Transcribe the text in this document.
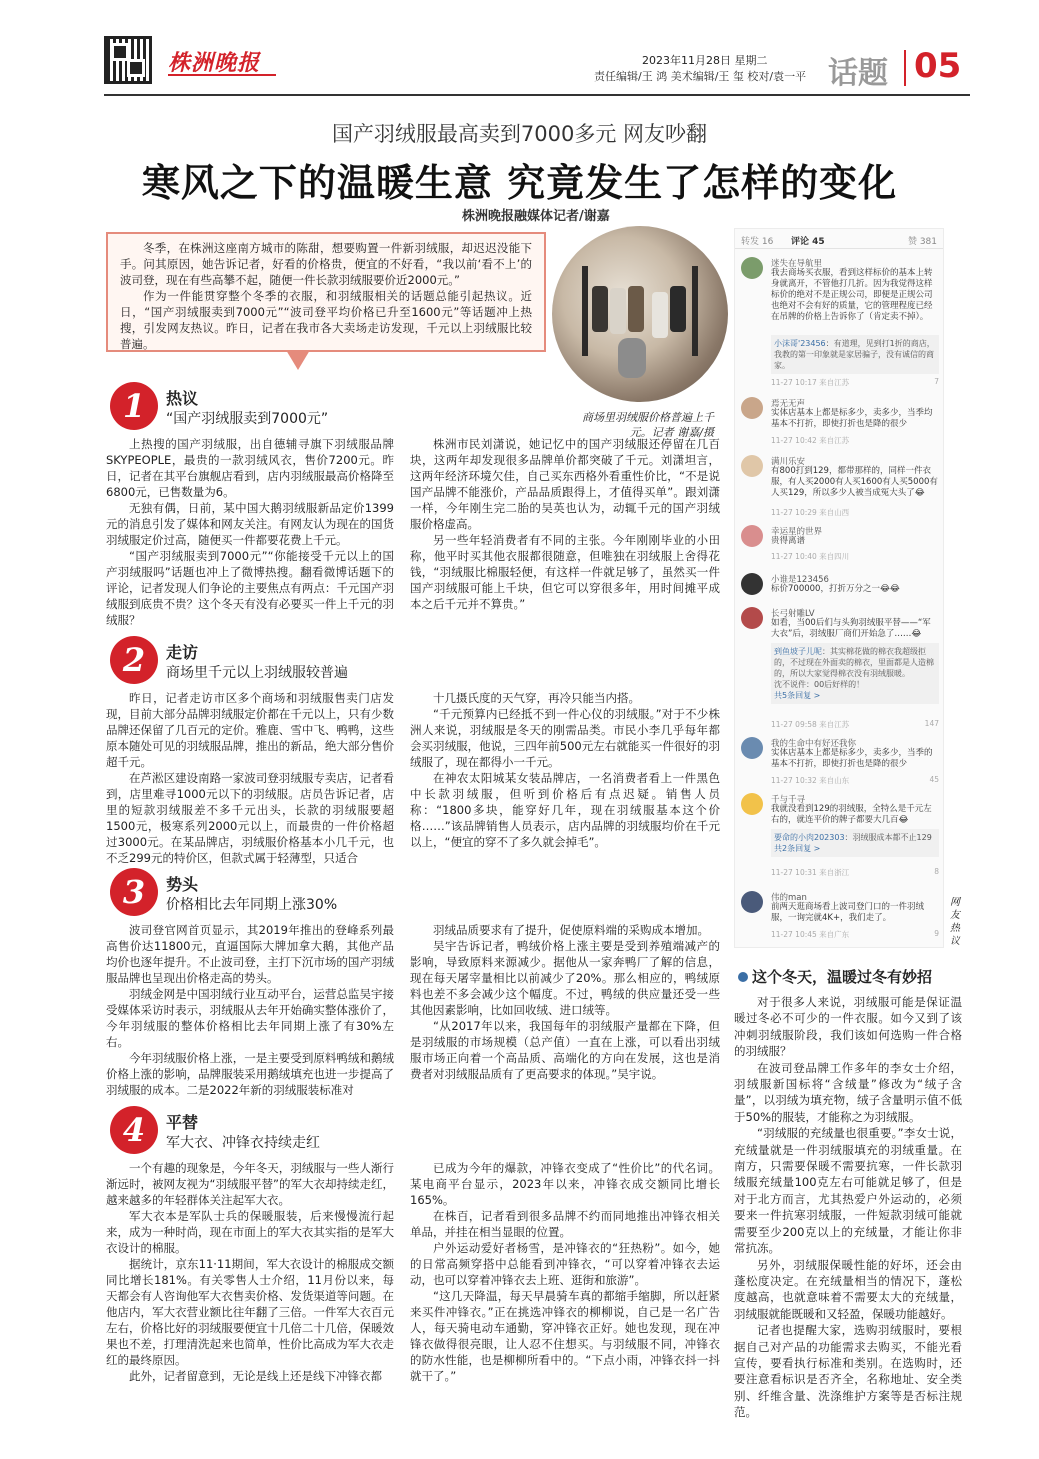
株洲晚报	2023年11月28日 星期二
责任编辑/王 鸿 美术编辑/王 玺 校对/袁一平 话题 05
国产羽绒服最高卖到7000多元 网友吵翻
寒风之下的温暖生意 究竟发生了怎样的变化
株洲晚报融媒体记者/谢嘉

冬季，在株洲这座南方城市的陈甜，想要购置一件新羽绒服，却迟迟没能下手。问其原因，她告诉记者，好看的价格贵，便宜的不好看，“我以前‘看不上’的波司登，现在有些高攀不起，随便一件长款羽绒服要价近2000元。”

作为一件能贯穿整个冬季的衣服，和羽绒服相关的话题总能引起热议。近日，“国产羽绒服卖到7000元”“波司登平均价格已升至1600元”等话题冲上热搜，引发网友热议。昨日，记者在我市各大卖场走访发现，千元以上羽绒服比较普遍。

商场里羽绒服价格普遍上千元。记者 谢嘉/摄
1	热议
“国产羽绒服卖到7000元”

上热搜的国产羽绒服，出自德辅寻旗下羽绒服品牌SKYPEOPLE，最贵的一款羽绒风衣，售价7200元。昨日，记者在其平台旗舰店看到，店内羽绒服最高价格降至6800元，已售数量为6。

无独有偶，日前，某中国大鹅羽绒服新品定价1399元的消息引发了媒体和网友关注。有网友认为现在的国货羽绒服定价过高，随便买一件都要花费上千元。

“国产羽绒服卖到7000元”“你能接受千元以上的国产羽绒服吗”话题也冲上了微博热搜。翻看微博话题下的评论，记者发现人们争论的主要焦点有两点：千元国产羽绒服到底贵不贵？这个冬天有没有必要买一件上千元的羽绒服？

株洲市民刘潇说，她记忆中的国产羽绒服还停留在几百块，这两年却发现很多品牌单价都突破了千元。刘潇坦言，这两年经济环境欠佳，自己买东西格外看重性价比，“不是说国产品牌不能涨价，产品品质跟得上，才值得买单”。跟刘潇一样，今年刚生完二胎的吴英也认为，动辄千元的国产羽绒服价格虚高。

另一些年轻消费者有不同的主张。今年刚刚毕业的小田称，他平时买其他衣服都很随意，但唯独在羽绒服上舍得花钱，“羽绒服比棉服轻便，有这样一件就足够了，虽然买一件国产羽绒服可能上千块，但它可以穿很多年，用时间摊平成本之后千元并不算贵。”

2	走访
商场里千元以上羽绒服较普遍

昨日，记者走访市区多个商场和羽绒服售卖门店发现，目前大部分品牌羽绒服定价都在千元以上，只有少数品牌还保留了几百元的定价。雅鹿、雪中飞、鸭鸭，这些原本随处可见的羽绒服品牌，推出的新品，绝大部分售价超千元。

在芦淞区建设南路一家波司登羽绒服专卖店，记者看到，店里难寻1000元以下的羽绒服。店员告诉记者，店里的短款羽绒服差不多千元出头，长款的羽绒服要超1500元，极寒系列2000元以上，而最贵的一件价格超过3000元。在某品牌店，羽绒服价格基本小几千元，也不乏299元的特价区，但款式属于轻薄型，只适合

十几摄氏度的天气穿，再冷只能当内搭。

“千元预算内已经抵不到一件心仪的羽绒服。”对于不少株洲人来说，羽绒服是冬天的刚需品类。市民小李几乎每年都会买羽绒服，他说，三四年前500元左右就能买一件很好的羽绒服了，现在都得小一千元。

在神农太阳城某女装品牌店，一名消费者看上一件黑色中长款羽绒服，但听到价格后有点迟疑。销售人员称：“1800多块，能穿好几年，现在羽绒服基本这个价格……”该品牌销售人员表示，店内品牌的羽绒服均价在千元以上，“便宜的穿不了多久就会掉毛”。

3	势头
价格相比去年同期上涨30%

波司登官网首页显示，其2019年推出的登峰系列最高售价达11800元，直逼国际大牌加拿大鹅，其他产品均价也逐年提升。不止波司登，主打下沉市场的国产羽绒服品牌也呈现出价格走高的势头。

羽绒金网是中国羽绒行业互动平台，运营总监吴宇接受媒体采访时表示，羽绒服从去年开始确实整体涨价了，今年羽绒服的整体价格相比去年同期上涨了有30%左右。

今年羽绒服价格上涨，一是主要受到原料鸭绒和鹅绒价格上涨的影响，品牌服装采用鹅绒填充也进一步提高了羽绒服的成本。二是2022年新的羽绒服装标准对

羽绒品质要求有了提升，促使原料端的采购成本增加。

吴宇告诉记者，鸭绒价格上涨主要是受到养殖端减产的影响，导致原料来源减少。据他从一家奔鸭厂了解的信息，现在每天屠宰量相比以前减少了20%。那么相应的，鸭绒原料也差不多会减少这个幅度。不过，鸭绒的供应量还受一些其他因素影响，比如回收绒、进口绒等。

“从2017年以来，我国每年的羽绒服产量都在下降，但是羽绒服的市场规模（总产值）一直在上涨，可以看出羽绒服市场正向着一个高品质、高端化的方向在发展，这也是消费者对羽绒服品质有了更高要求的体现。”吴宇说。

4	平替
军大衣、冲锋衣持续走红

一个有趣的现象是，今年冬天，羽绒服与一些人渐行渐远时，被网友视为“羽绒服平替”的军大衣却持续走红，越来越多的年轻群体关注起军大衣。

军大衣本是军队士兵的保暖服装，后来慢慢流行起来，成为一种时尚，现在市面上的军大衣其实指的是军大衣设计的棉服。

据统计，京东11·11期间，军大衣设计的棉服成交额同比增长181%。有关零售人士介绍，11月份以来，每天都会有人咨询他军大衣售卖价格、发货渠道等问题。在他店内，军大衣营业额比往年翻了三倍。一件军大衣百元左右，价格比好的羽绒服要便宜十几倍二十几倍，保暖效果也不差，打理清洗起来也简单，性价比高成为军大衣走红的最终原因。

此外，记者留意到，无论是线上还是线下冲锋衣都

已成为今年的爆款，冲锋衣变成了“性价比”的代名词。某电商平台显示，2023年以来，冲锋衣成交额同比增长165%。

在株百，记者看到很多品牌不约而同地推出冲锋衣相关单品，并挂在相当显眼的位置。

户外运动爱好者杨雪，是冲锋衣的“狂热粉”。如今，她的日常高频穿搭中总能看到冲锋衣，“可以穿着冲锋衣去运动，也可以穿着冲锋衣去上班、逛街和旅游”。

“这几天降温，每天早晨骑车真的都缩手缩脚，所以赶紧来买件冲锋衣。”正在挑选冲锋衣的柳柳说，自己是一名广告人，每天骑电动车通勤，穿冲锋衣正好。她也发现，现在冲锋衣做得很亮眼，让人忍不住想买。与羽绒服不同，冲锋衣的防水性能，也是柳柳所看中的。“下点小雨，冲锋衣抖一抖就干了。”

转发 16 评论 45	赞 381
迷失在导航里
我去商场买衣服，看到这样标价的基本上转身就离开，不管他打几折。因为我觉得这样标价的绝对不是正规公司，即便是正规公司也绝对不会有好的质量，它的管理程度已经在吊牌的价格上告诉你了（肯定卖不掉）。
小沫哥'23456：有道理，见到打1折的商店，我教的第一印象就是家居骗子，没有诚信的商家。
11-27 10:17 来自江苏	7
焉无无声
实体店基本上都是标多少，卖多少，当季均基本不打折，即使打折也是降的很少
11-27 10:42 来自江苏
满川乐安
有800打到129，都带那样的，同样一件衣服，有人买2000有人买1600有人买5000有人买129，所以多少人被当成冤大头了😂
11-27 10:29 来自山西
幸运星的世界
贵得离谱
11-27 10:40 来自四川
小谁是123456
标价700000，打折万分之一😂😂
长弓射雕LV
如看，当00后们与头狗羽绒服平替——“军大衣”后，羽绒服厂商们开始急了……😂
到鱼坡子儿呢：其实棉花做的棉衣我超级拒的，不过现在外面卖的棉衣，里面都是人造棉的，所以大家觉得棉衣没有羽绒服暖。
沈不说件：00后好样的！
共5条回复 >
11-27 09:58 来自江苏	147
我的生命中有好还我你
实体店基本上都是标多少，卖多少，当季的基本不打折，即使打折也是降的很少
11-27 10:32 来自山东	45
千与千寻
我就没看到129的羽绒服，全特么是千元左右的，就连平价的牌子都要大几百😂
要命的小肉202303：羽绒服成本都不止129
共2条回复 >
11-27 10:31 来自浙江	8
伟的man
前两天逛商场看上波司登门口的一件羽绒服，一询完就4K+，我们走了。
11-27 10:45 来自广东	9
网友热议
这个冬天，温暖过冬有妙招

对于很多人来说，羽绒服可能是保证温暖过冬必不可少的一件衣服。如今又到了该冲刺羽绒服阶段，我们该如何选购一件合格的羽绒服？

在波司登品牌工作多年的李女士介绍，羽绒服新国标将“含绒量”修改为“绒子含量”，以羽绒为填充物，绒子含量明示值不低于50%的服装，才能称之为羽绒服。

“羽绒服的充绒量也很重要。”李女士说，充绒量就是一件羽绒服填充的羽绒重量。在南方，只需要保暖不需要抗寒，一件长款羽绒服充绒量100克左右可能就足够了，但是对于北方而言，尤其热爱户外运动的，必须要来一件抗寒羽绒服，一件短款羽绒可能就需要至少200克以上的充绒量，才能让你非常抗冻。

另外，羽绒服保暖性能的好坏，还会由蓬松度决定。在充绒量相当的情况下，蓬松度越高，也就意味着不需要太大的充绒量，羽绒服就能既暖和又轻盈，保暖功能越好。

记者也提醒大家，选购羽绒服时，要根据自己对产品的功能需求去购买，不能光看宣传，要看执行标准和类别。在选购时，还要注意看标识是否齐全，名称地址、安全类别、纤维含量、洗涤维护方案等是否标注规范。
